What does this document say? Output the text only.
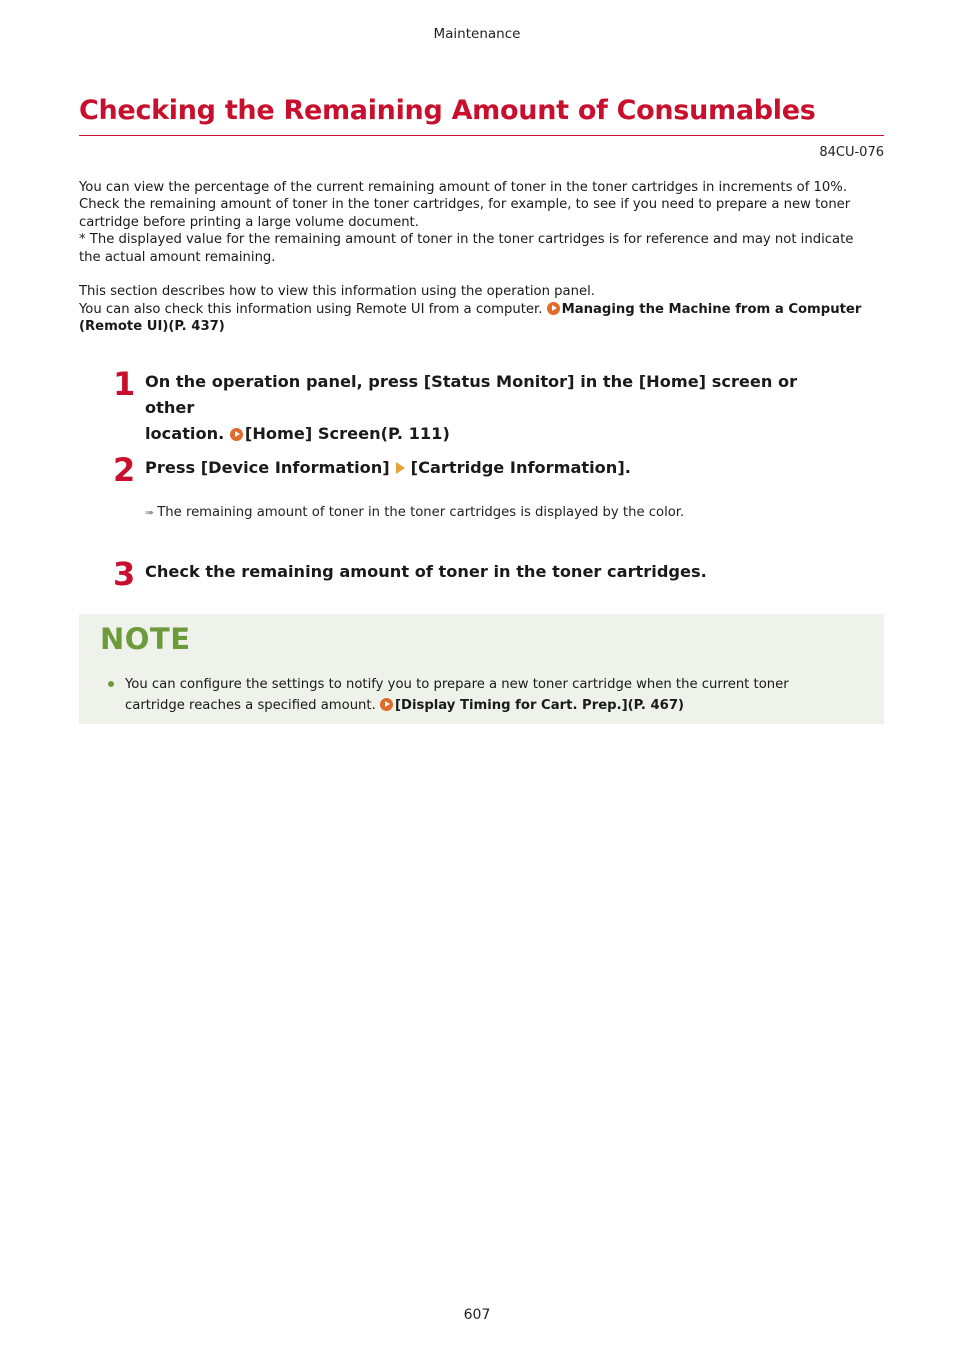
Maintenance
Checking the Remaining Amount of Consumables
84CU-076

You can view the percentage of the current remaining amount of toner in the toner cartridges in increments of 10%.

Check the remaining amount of toner in the toner cartridges, for example, to see if you need to prepare a new toner

cartridge before printing a large volume document.

* The displayed value for the remaining amount of toner in the toner cartridges is for reference and may not indicate

the actual amount remaining.

This section describes how to view this information using the operation panel.

You can also check this information using Remote UI from a computer. Managing the Machine from a Computer

(Remote UI)(P. 437)

1 On the operation panel, press [Status Monitor] in the [Home] screen or other
location. [Home] Screen(P. 111)
2 Press [Device Information] [Cartridge Information].
➠ The remaining amount of toner in the toner cartridges is displayed by the color.
3 Check the remaining amount of toner in the toner cartridges.
NOTE
You can configure the settings to notify you to prepare a new toner cartridge when the current toner
cartridge reaches a specified amount. [Display Timing for Cart. Prep.](P. 467)
607
